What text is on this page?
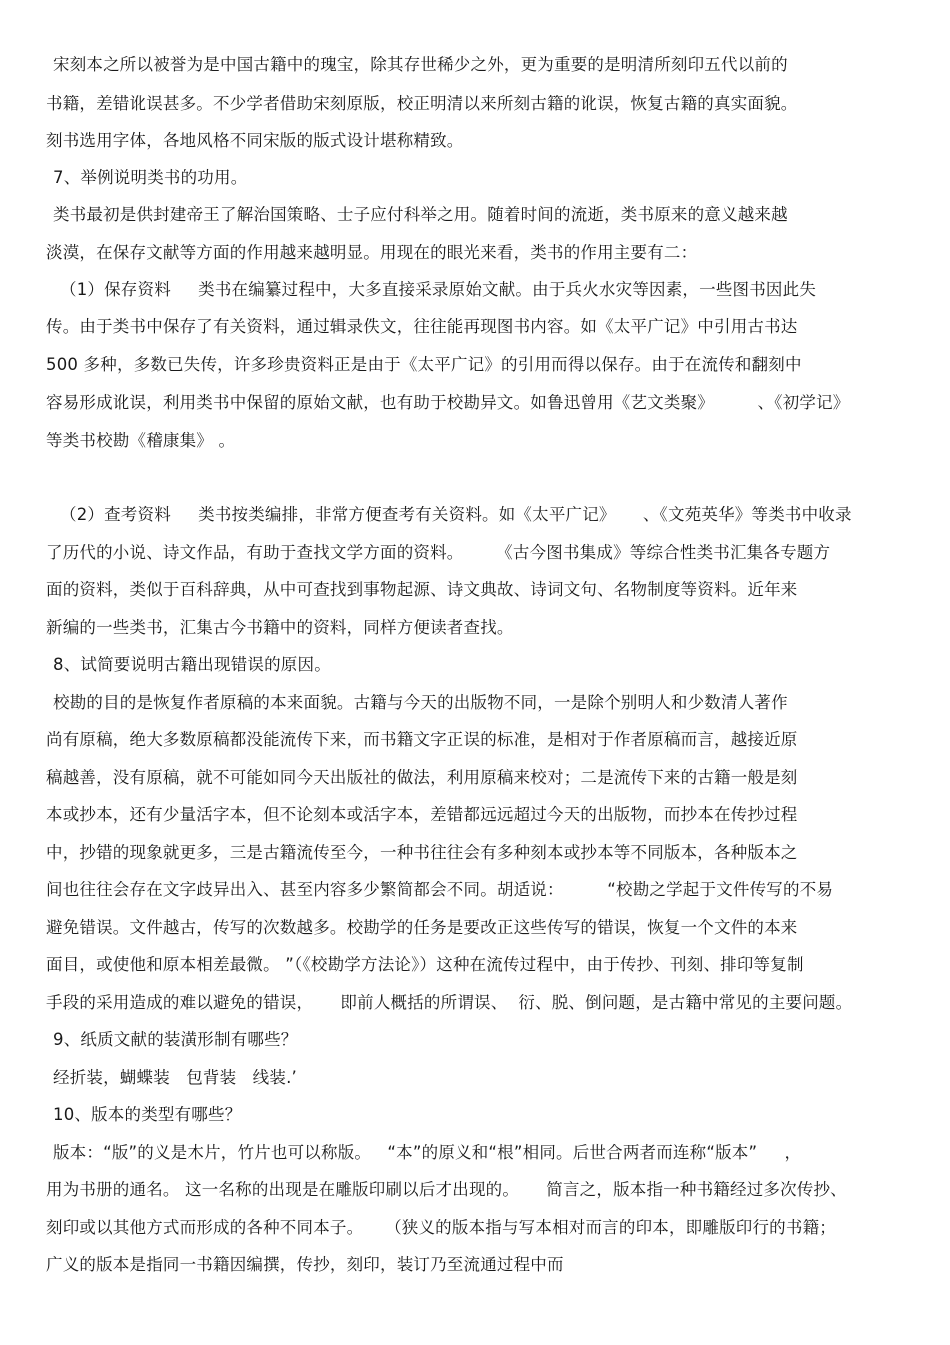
宋刻本之所以被誉为是中国古籍中的瑰宝，除其存世稀少之外，更为重要的是明清所刻印五代以前的
书籍，差错讹误甚多。不少学者借助宋刻原版，校正明清以来所刻古籍的讹误，恢复古籍的真实面貌。
刻书选用字体，各地风格不同宋版的版式设计堪称精致。
7、举例说明类书的功用。
类书最初是供封建帝王了解治国策略、士子应付科举之用。随着时间的流逝，类书原来的意义越来越
淡漠，在保存文献等方面的作用越来越明显。用现在的眼光来看，类书的作用主要有二：
（1）保存资料     类书在编纂过程中，大多直接采录原始文献。由于兵火水灾等因素，一些图书因此失
传。由于类书中保存了有关资料，通过辑录佚文，往往能再现图书内容。如《太平广记》中引用古书达
500 多种，多数已失传，许多珍贵资料正是由于《太平广记》的引用而得以保存。由于在流传和翻刻中
容易形成讹误，利用类书中保留的原始文献，也有助于校勘异文。如鲁迅曾用《艺文类聚》        、《初学记》
等类书校勘《稽康集》 。
（2）查考资料     类书按类编排，非常方便查考有关资料。如《太平广记》     、《文苑英华》等类书中收录
了历代的小说、诗文作品，有助于查找文学方面的资料。      《古今图书集成》等综合性类书汇集各专题方
面的资料，类似于百科辞典，从中可查找到事物起源、诗文典故、诗词文句、名物制度等资料。近年来
新编的一些类书，汇集古今书籍中的资料，同样方便读者查找。
8、试简要说明古籍出现错误的原因。
校勘的目的是恢复作者原稿的本来面貌。古籍与今天的出版物不同，一是除个别明人和少数清人著作
尚有原稿，绝大多数原稿都没能流传下来，而书籍文字正误的标准，是相对于作者原稿而言，越接近原
稿越善，没有原稿，就不可能如同今天出版社的做法，利用原稿来校对；二是流传下来的古籍一般是刻
本或抄本，还有少量活字本，但不论刻本或活字本，差错都远远超过今天的出版物，而抄本在传抄过程
中，抄错的现象就更多，三是古籍流传至今，一种书往往会有多种刻本或抄本等不同版本，各种版本之
间也往往会存在文字歧异出入、甚至内容多少繁简都会不同。胡适说：        “校勘之学起于文件传写的不易
避免错误。文件越古，传写的次数越多。校勘学的任务是要改正这些传写的错误，恢复一个文件的本来
面目，或使他和原本相差最微。 ”（《校勘学方法论》）这种在流传过程中，由于传抄、刊刻、排印等复制
手段的采用造成的难以避免的错误，     即前人概括的所谓误、  衍、脱、倒问题，是古籍中常见的主要问题。
9、纸质文献的装潢形制有哪些？
经折装，蝴蝶装   包背装   线装.’
10、版本的类型有哪些？
版本：“版”的义是木片，竹片也可以称版。   “本”的原义和“根”相同。后世合两者而连称“版本”     ，
用为书册的通名。 这一名称的出现是在雕版印刷以后才出现的。     简言之，版本指一种书籍经过多次传抄、
刻印或以其他方式而形成的各种不同本子。    （狭义的版本指与写本相对而言的印本，即雕版印行的书籍；
广义的版本是指同一书籍因编撰，传抄，刻印，装订乃至流通过程中而
